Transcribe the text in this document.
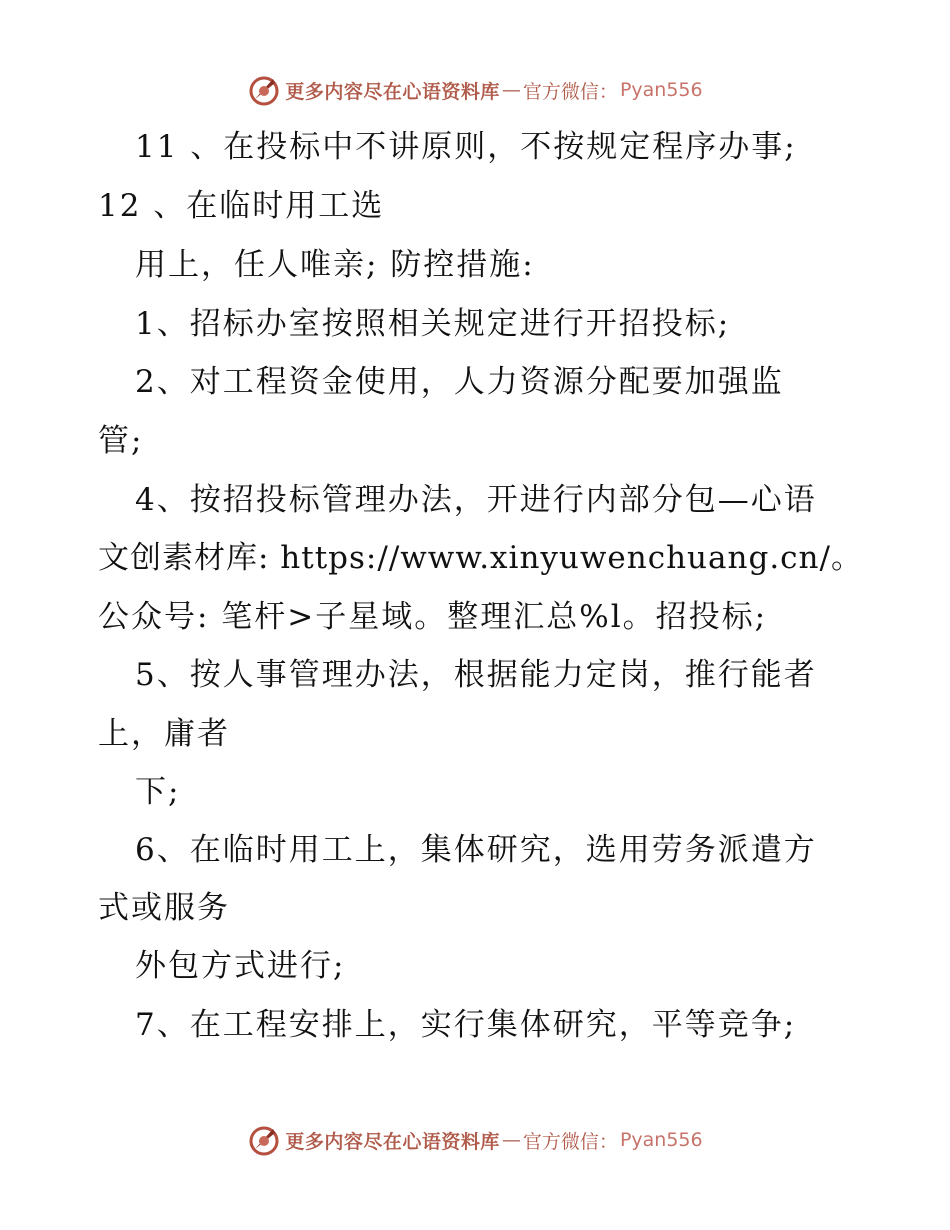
更多内容尽在心语资料库 — 官方微信： Pyan556
11 、在投标中不讲原则，不按规定程序办事;
12 、在临时用工选
用上，任人唯亲; 防控措施:
1、招标办室按照相关规定进行开招投标;
2、对工程资金使用，人力资源分配要加强监
管;
4、按招投标管理办法，开进行内部分包—心语
文创素材库: https://www.xinyuwenchuang.cn/。
公众号: 笔杆>子星域。整理汇总%l。招投标;
5、按人事管理办法，根据能力定岗，推行能者
上，庸者
下;
6、在临时用工上，集体研究，选用劳务派遣方
式或服务
外包方式进行;
7、在工程安排上，实行集体研究，平等竞争;
更多内容尽在心语资料库 — 官方微信： Pyan556
